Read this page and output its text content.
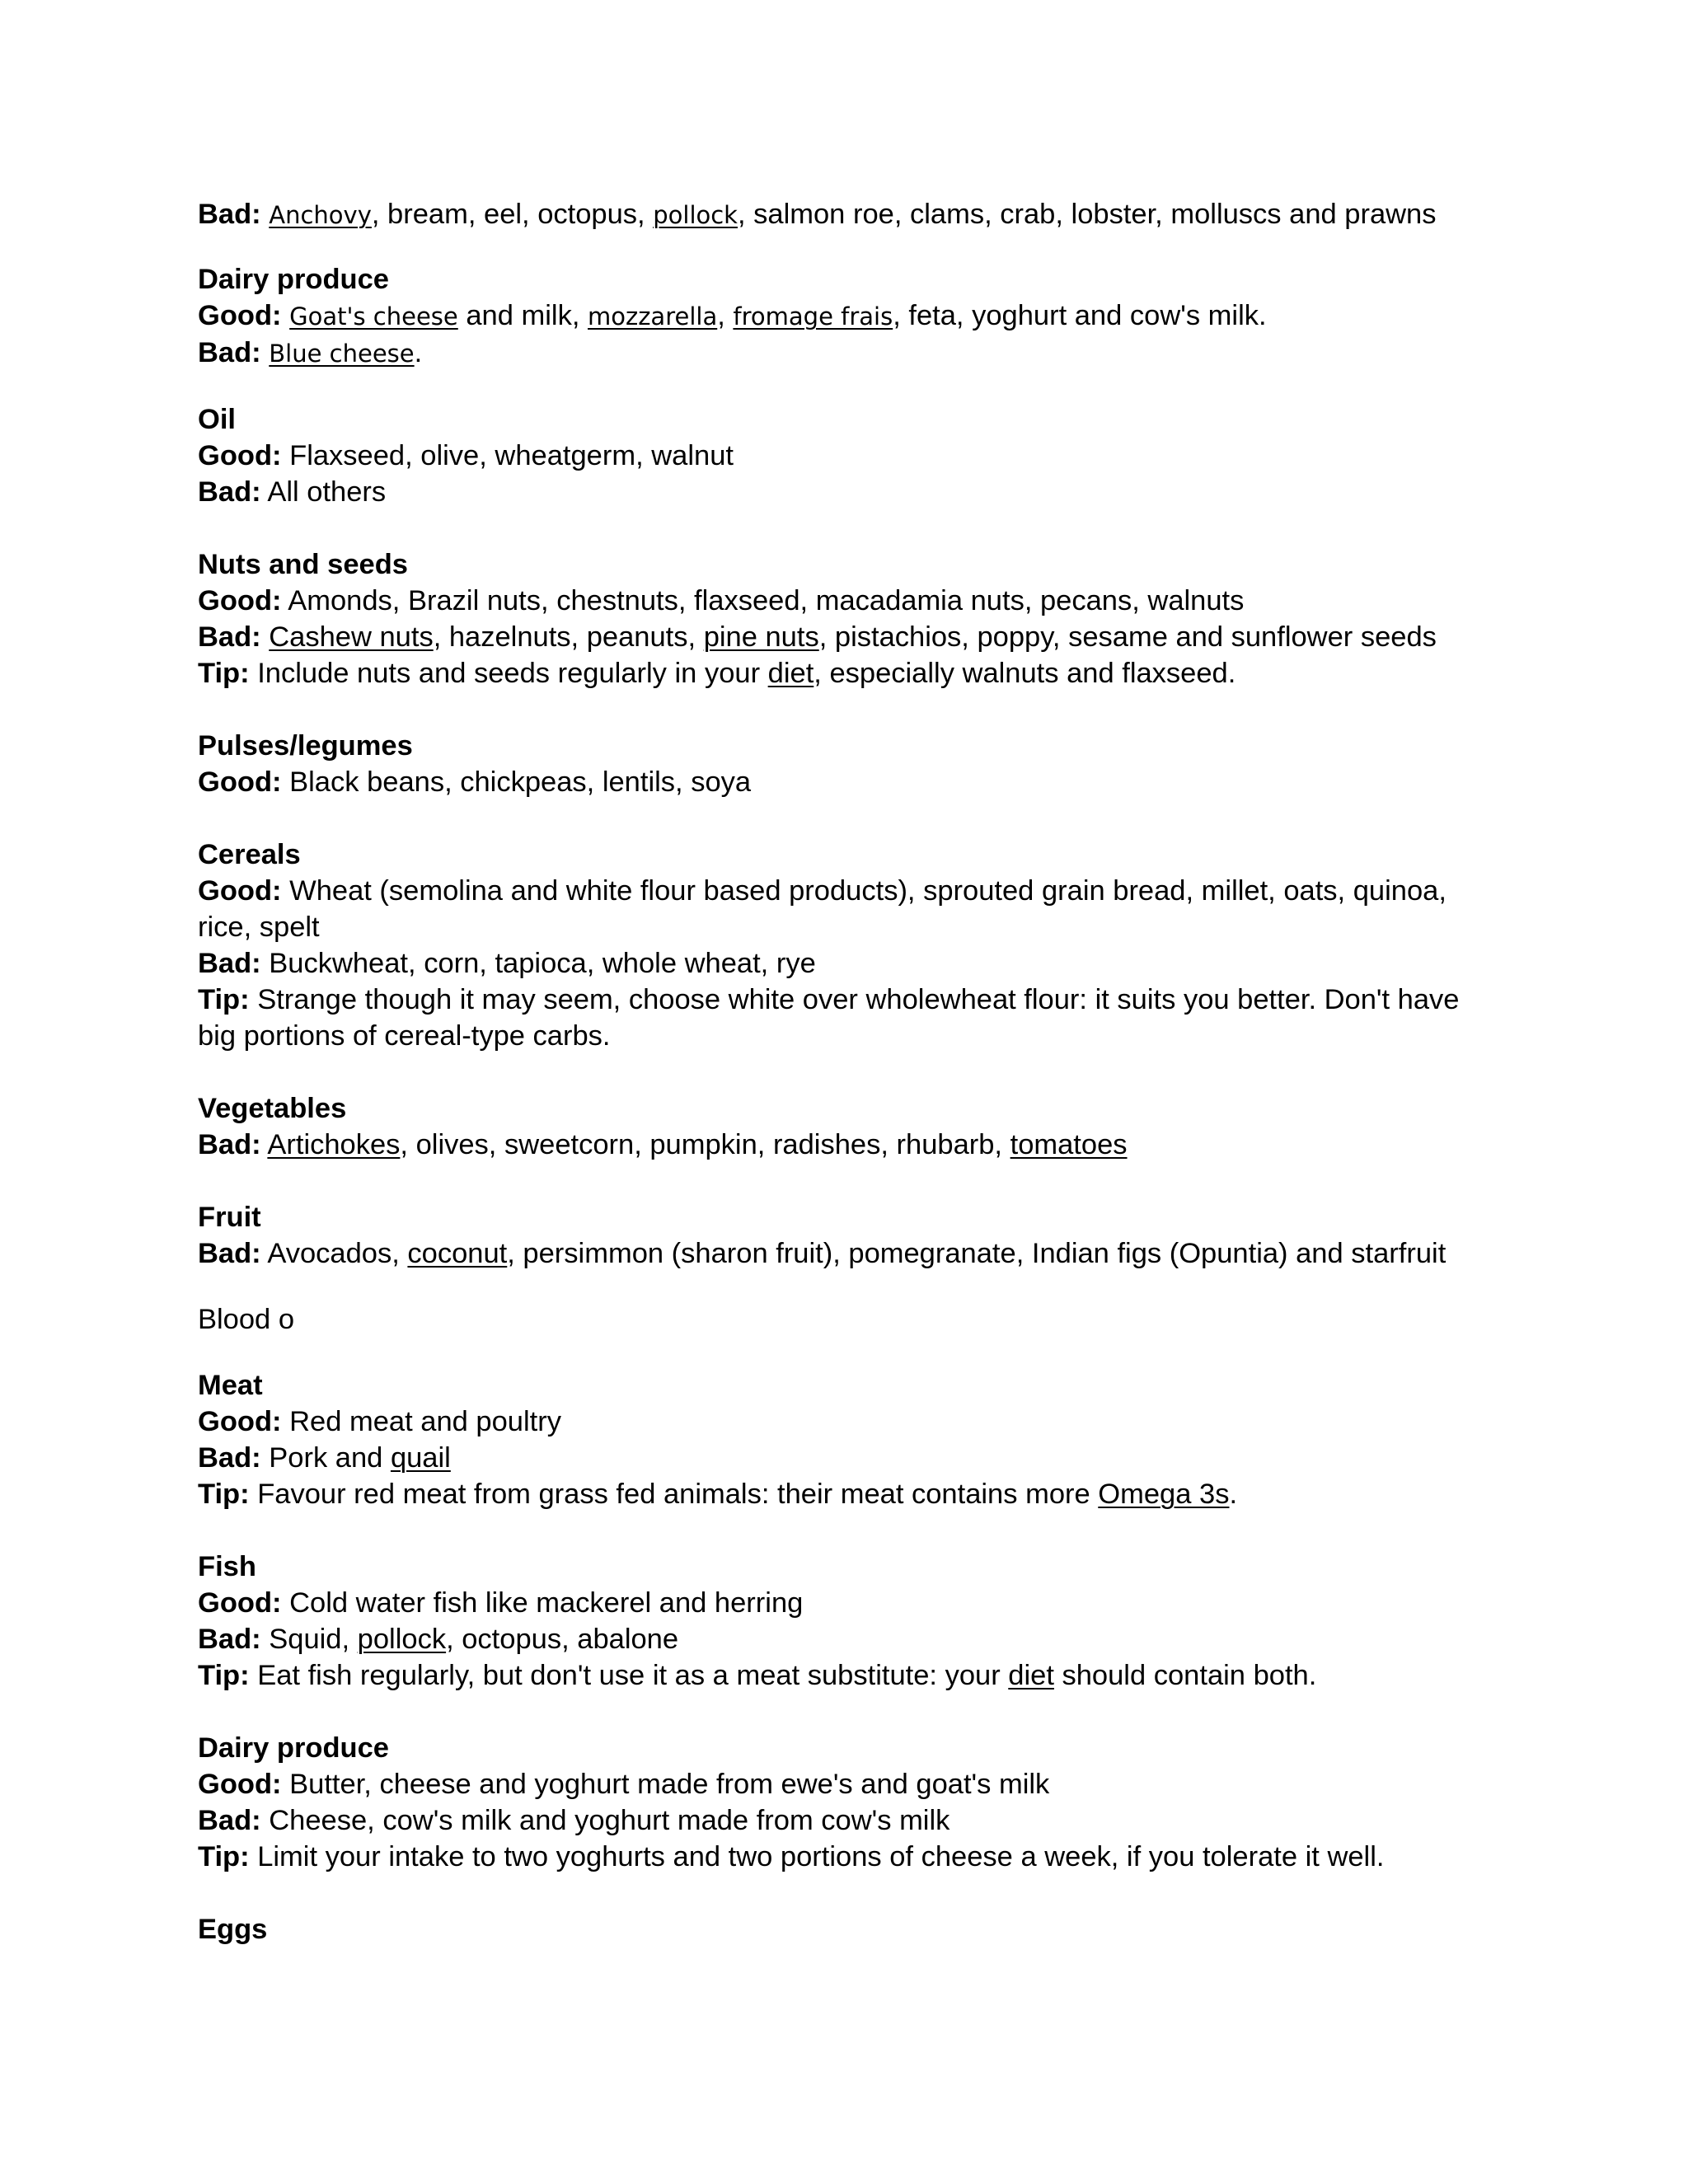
Bad: Anchovy, bream, eel, octopus, pollock, salmon roe, clams, crab, lobster, molluscs and prawns

Dairy produce

Good: Goat's cheese and milk, mozzarella, fromage frais, feta, yoghurt and cow's milk.

Bad: Blue cheese.

Oil

Good: Flaxseed, olive, wheatgerm, walnut

Bad: All others

Nuts and seeds

Good: Amonds, Brazil nuts, chestnuts, flaxseed, macadamia nuts, pecans, walnuts

Bad: Cashew nuts, hazelnuts, peanuts, pine nuts, pistachios, poppy, sesame and sunflower seeds

Tip: Include nuts and seeds regularly in your diet, especially walnuts and flaxseed.

Pulses/legumes

Good: Black beans, chickpeas, lentils, soya

Cereals

Good: Wheat (semolina and white flour based products), sprouted grain bread, millet, oats, quinoa, rice, spelt

Bad: Buckwheat, corn, tapioca, whole wheat, rye

Tip: Strange though it may seem, choose white over wholewheat flour: it suits you better. Don't have big portions of cereal-type carbs.

Vegetables

Bad: Artichokes, olives, sweetcorn, pumpkin, radishes, rhubarb, tomatoes

Fruit

Bad: Avocados, coconut, persimmon (sharon fruit), pomegranate, Indian figs (Opuntia) and starfruit

Blood o

Meat

Good: Red meat and poultry

Bad: Pork and quail

Tip: Favour red meat from grass fed animals: their meat contains more Omega 3s.

Fish

Good: Cold water fish like mackerel and herring

Bad: Squid, pollock, octopus, abalone

Tip: Eat fish regularly, but don't use it as a meat substitute: your diet should contain both.

Dairy produce

Good: Butter, cheese and yoghurt made from ewe's and goat's milk

Bad: Cheese, cow's milk and yoghurt made from cow's milk

Tip: Limit your intake to two yoghurts and two portions of cheese a week, if you tolerate it well.

Eggs
